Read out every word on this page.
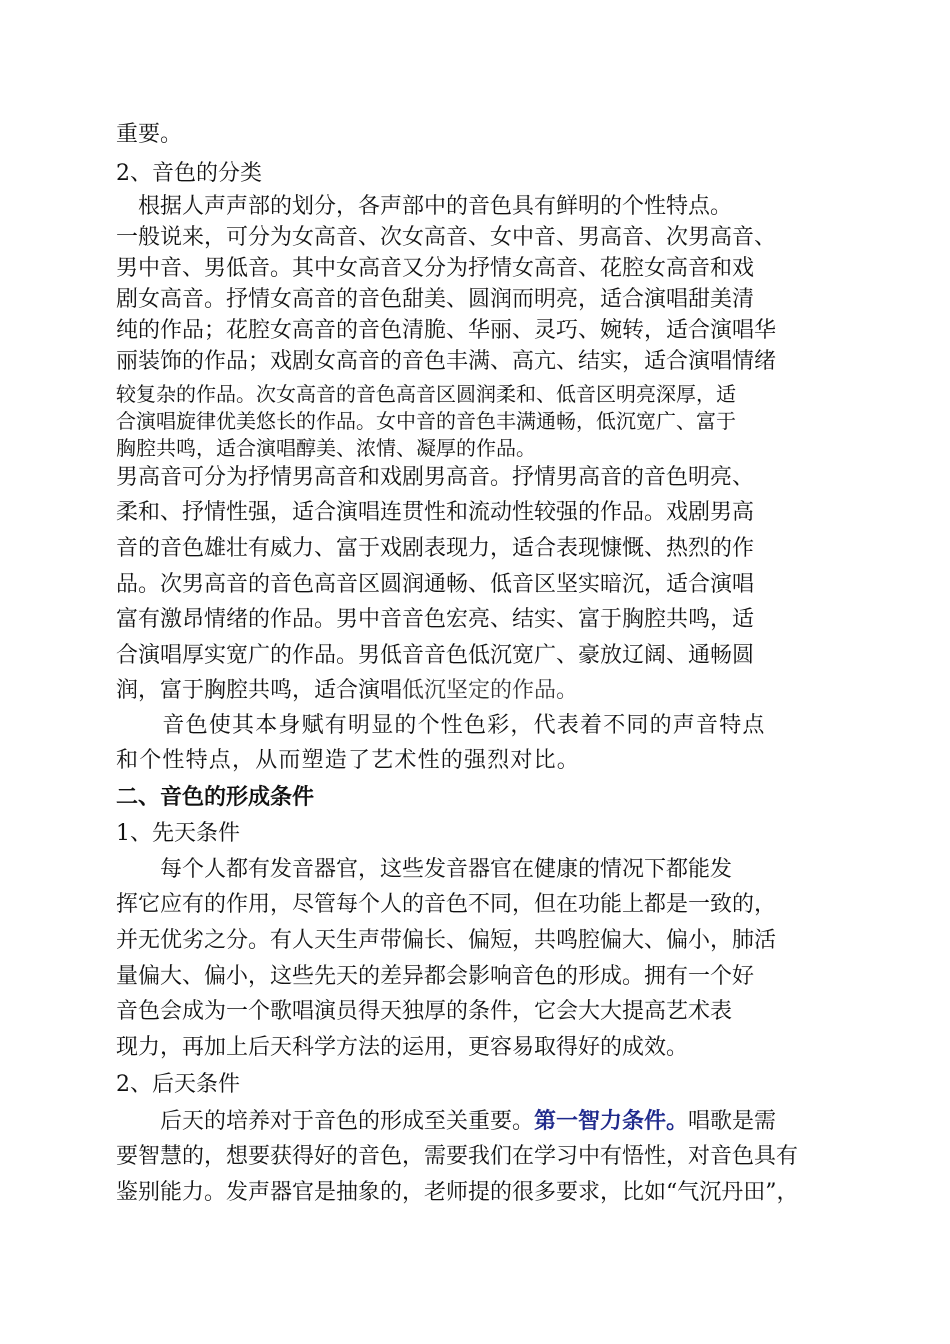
重要。
2、音色的分类
　根据人声声部的划分，各声部中的音色具有鲜明的个性特点。
一般说来，可分为女高音、次女高音、女中音、男高音、次男高音、
男中音、男低音。其中女高音又分为抒情女高音、花腔女高音和戏
剧女高音。抒情女高音的音色甜美、圆润而明亮，适合演唱甜美清
纯的作品；花腔女高音的音色清脆、华丽、灵巧、婉转，适合演唱华
丽装饰的作品；戏剧女高音的音色丰满、高亢、结实，适合演唱情绪
较复杂的作品。次女高音的音色高音区圆润柔和、低音区明亮深厚，适
合演唱旋律优美悠长的作品。女中音的音色丰满通畅，低沉宽广、富于
胸腔共鸣，适合演唱醇美、浓情、凝厚的作品。
男高音可分为抒情男高音和戏剧男高音。抒情男高音的音色明亮、
柔和、抒情性强，适合演唱连贯性和流动性较强的作品。戏剧男高
音的音色雄壮有威力、富于戏剧表现力，适合表现慷慨、热烈的作
品。次男高音的音色高音区圆润通畅、低音区坚实暗沉，适合演唱
富有激昂情绪的作品。男中音音色宏亮、结实、富于胸腔共鸣，适
合演唱厚实宽广的作品。男低音音色低沉宽广、豪放辽阔、通畅圆
润，富于胸腔共鸣，适合演唱低沉坚定的作品。
　　音色使其本身赋有明显的个性色彩，代表着不同的声音特点
和个性特点，从而塑造了艺术性的强烈对比。
二、音色的形成条件
1、先天条件
　　每个人都有发音器官，这些发音器官在健康的情况下都能发
挥它应有的作用，尽管每个人的音色不同，但在功能上都是一致的，
并无优劣之分。有人天生声带偏长、偏短，共鸣腔偏大、偏小，肺活
量偏大、偏小，这些先天的差异都会影响音色的形成。拥有一个好
音色会成为一个歌唱演员得天独厚的条件，它会大大提高艺术表
现力，再加上后天科学方法的运用，更容易取得好的成效。
2、后天条件
　　后天的培养对于音色的形成至关重要。第一智力条件。唱歌是需
要智慧的，想要获得好的音色，需要我们在学习中有悟性，对音色具有
鉴别能力。发声器官是抽象的，老师提的很多要求，比如“气沉丹田”，
